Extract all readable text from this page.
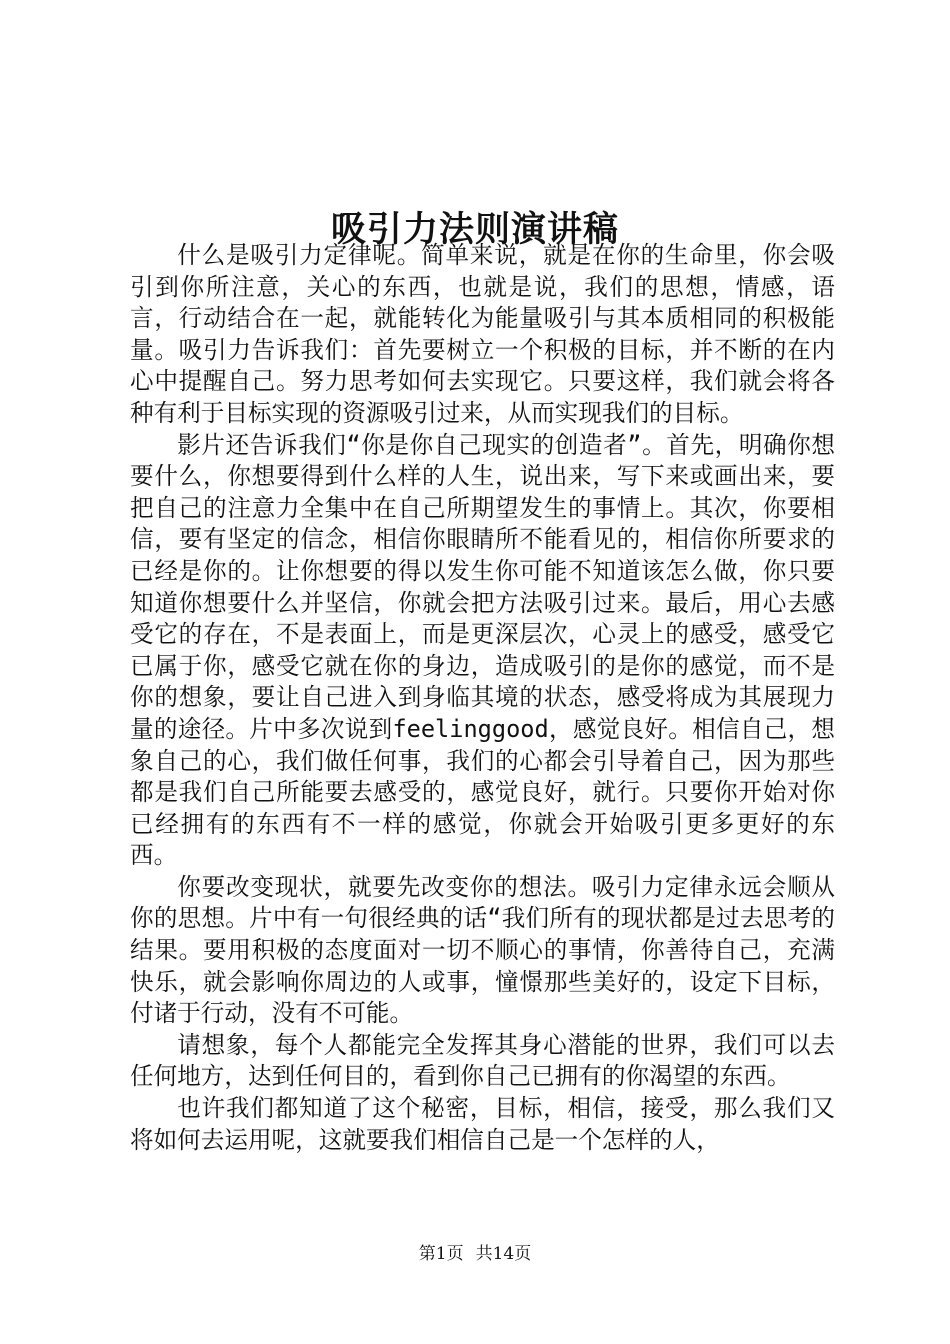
吸引力法则演讲稿

什么是吸引力定律呢。简单来说，就是在你的生命里，你会吸引到你所注意，关心的东西，也就是说，我们的思想，情感，语言，行动结合在一起，就能转化为能量吸引与其本质相同的积极能量。吸引力告诉我们：首先要树立一个积极的目标，并不断的在内心中提醒自己。努力思考如何去实现它。只要这样，我们就会将各种有利于目标实现的资源吸引过来，从而实现我们的目标。

影片还告诉我们“你是你自己现实的创造者”。首先，明确你想要什么，你想要得到什么样的人生，说出来，写下来或画出来，要把自己的注意力全集中在自己所期望发生的事情上。其次，你要相信，要有坚定的信念，相信你眼睛所不能看见的，相信你所要求的已经是你的。让你想要的得以发生你可能不知道该怎么做，你只要知道你想要什么并坚信，你就会把方法吸引过来。最后，用心去感受它的存在，不是表面上，而是更深层次，心灵上的感受，感受它已属于你，感受它就在你的身边，造成吸引的是你的感觉，而不是你的想象，要让自己进入到身临其境的状态，感受将成为其展现力量的途径。片中多次说到feelinggood，感觉良好。相信自己，想象自己的心，我们做任何事，我们的心都会引导着自己，因为那些都是我们自己所能要去感受的，感觉良好，就行。只要你开始对你已经拥有的东西有不一样的感觉，你就会开始吸引更多更好的东西。

你要改变现状，就要先改变你的想法。吸引力定律永远会顺从你的思想。片中有一句很经典的话“我们所有的现状都是过去思考的结果。要用积极的态度面对一切不顺心的事情，你善待自己，充满快乐，就会影响你周边的人或事，憧憬那些美好的，设定下目标，付诸于行动，没有不可能。

请想象，每个人都能完全发挥其身心潜能的世界，我们可以去任何地方，达到任何目的，看到你自己已拥有的你渴望的东西。

也许我们都知道了这个秘密，目标，相信，接受，那么我们又将如何去运用呢，这就要我们相信自己是一个怎样的人，

第1页 共14页
